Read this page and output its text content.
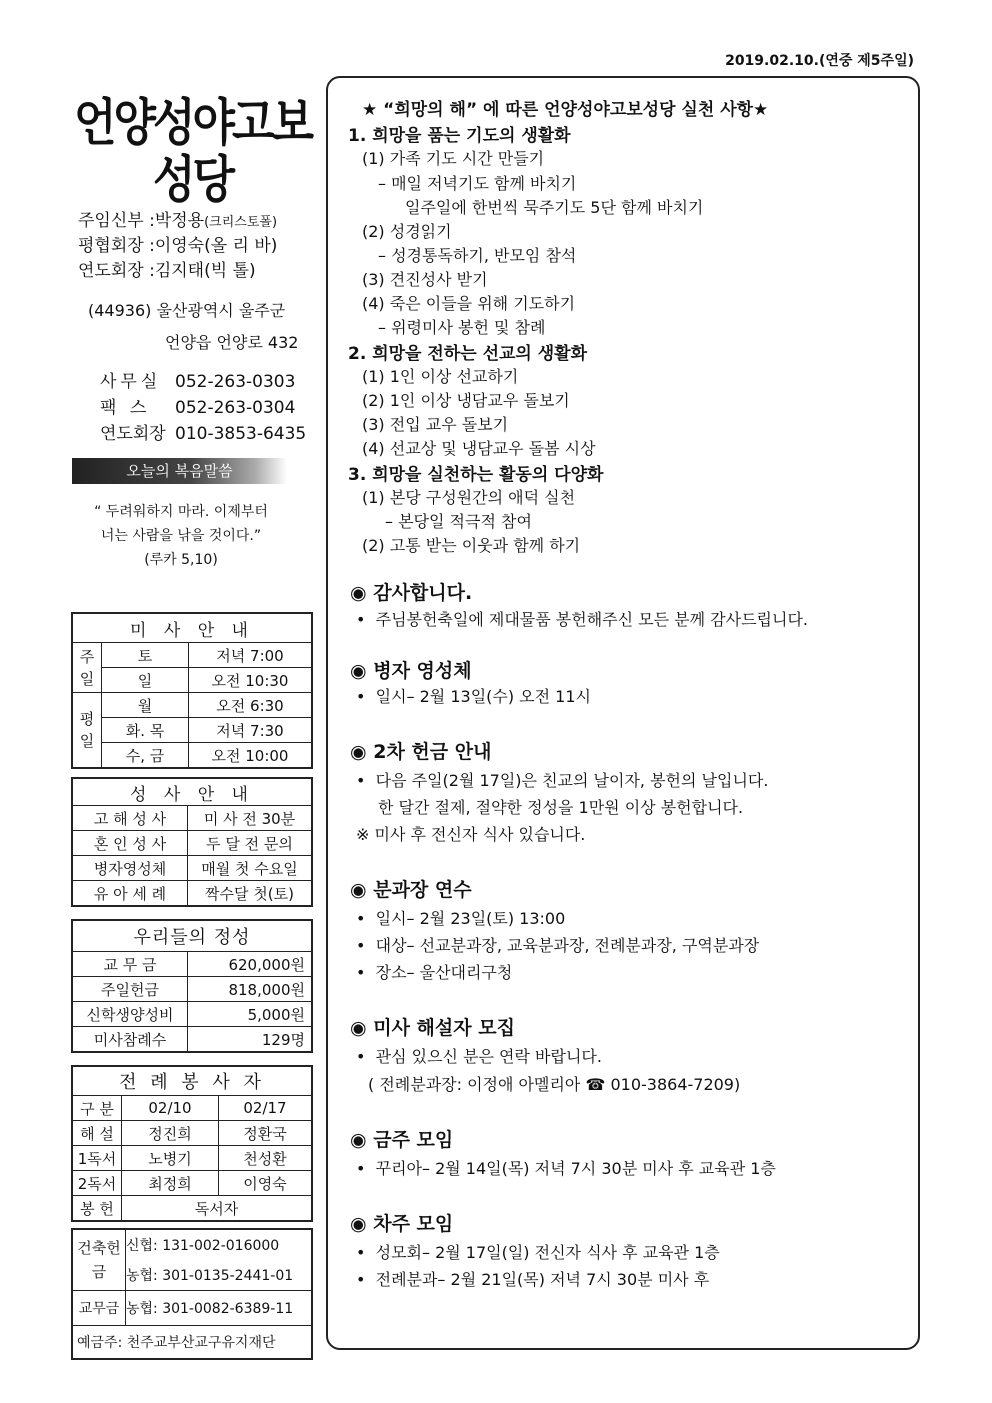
2019.02.10.(연중 제5주일)
언양성야고보
성당
주임신부 :박정용(크리스토폴)
평협회장 :이영숙(올 리 바)
연도회장 :김지태(빅 톨)
(44936) 울산광역시 울주군
언양읍 언양로 432
사무실 052-263-0303
팩 스 052-263-0304
연도회장 010-3853-6435
오늘의 복음말씀
“ 두려워하지 마라. 이제부터
너는 사람을 낚을 것이다.”
(루카 5,10)
미 사 안 내		
주일	토	저녁 7:00
	일	오전 10:30
평일	월	오전 6:30
	화. 목	저녁 7:30
	수, 금	오전 10:00
성 사 안 내	
고 해 성 사	미 사 전 30분
혼 인 성 사	두 달 전 문의
병자영성체	매월 첫 수요일
유 아 세 례	짝수달 첫(토)
우리들의 정성	
교 무 금	620,000원
주일헌금	818,000원
신학생양성비	5,000원
미사참례수	129명
전 례 봉 사 자		
구 분	02/10	02/17
해 설	정진희	정환국
1독서	노병기	천성환
2독서	최정희	이영숙
봉 헌	독서자	
건축헌금	신협: 131-002-016000
	농협: 301-0135-2441-01
교무금	농협: 301-0082-6389-11
예금주: 천주교부산교구유지재단	
★ “희망의 해” 에 따른 언양성야고보성당 실천 사항★
1. 희망을 품는 기도의 생활화
(1) 가족 기도 시간 만들기
– 매일 저녁기도 함께 바치기
일주일에 한번씩 묵주기도 5단 함께 바치기
(2) 성경읽기
– 성경통독하기, 반모임 참석
(3) 견진성사 받기
(4) 죽은 이들을 위해 기도하기
– 위령미사 봉헌 및 참례
2. 희망을 전하는 선교의 생활화
(1) 1인 이상 선교하기
(2) 1인 이상 냉담교우 돌보기
(3) 전입 교우 돌보기
(4) 선교상 및 냉담교우 돌봄 시상
3. 희망을 실천하는 활동의 다양화
(1) 본당 구성원간의 애덕 실천
– 본당일 적극적 참여
(2) 고통 받는 이웃과 함께 하기
◉ 감사합니다.
•  주님봉헌축일에 제대물품 봉헌해주신 모든 분께 감사드립니다.
◉ 병자 영성체
•  일시– 2월 13일(수) 오전 11시
◉ 2차 헌금 안내
•  다음 주일(2월 17일)은 친교의 날이자, 봉헌의 날입니다.
한 달간 절제, 절약한 정성을 1만원 이상 봉헌합니다.
※ 미사 후 전신자 식사 있습니다.
◉ 분과장 연수
•  일시– 2월 23일(토) 13:00
•  대상– 선교분과장, 교육분과장, 전례분과장, 구역분과장
•  장소– 울산대리구청
◉ 미사 해설자 모집
•  관심 있으신 분은 연락 바랍니다.
( 전례분과장: 이정애 아멜리아 ☎ 010-3864-7209)
◉ 금주 모임
•  꾸리아– 2월 14일(목) 저녁 7시 30분 미사 후 교육관 1층
◉ 차주 모임
•  성모회– 2월 17일(일) 전신자 식사 후 교육관 1층
•  전례분과– 2월 21일(목) 저녁 7시 30분 미사 후
